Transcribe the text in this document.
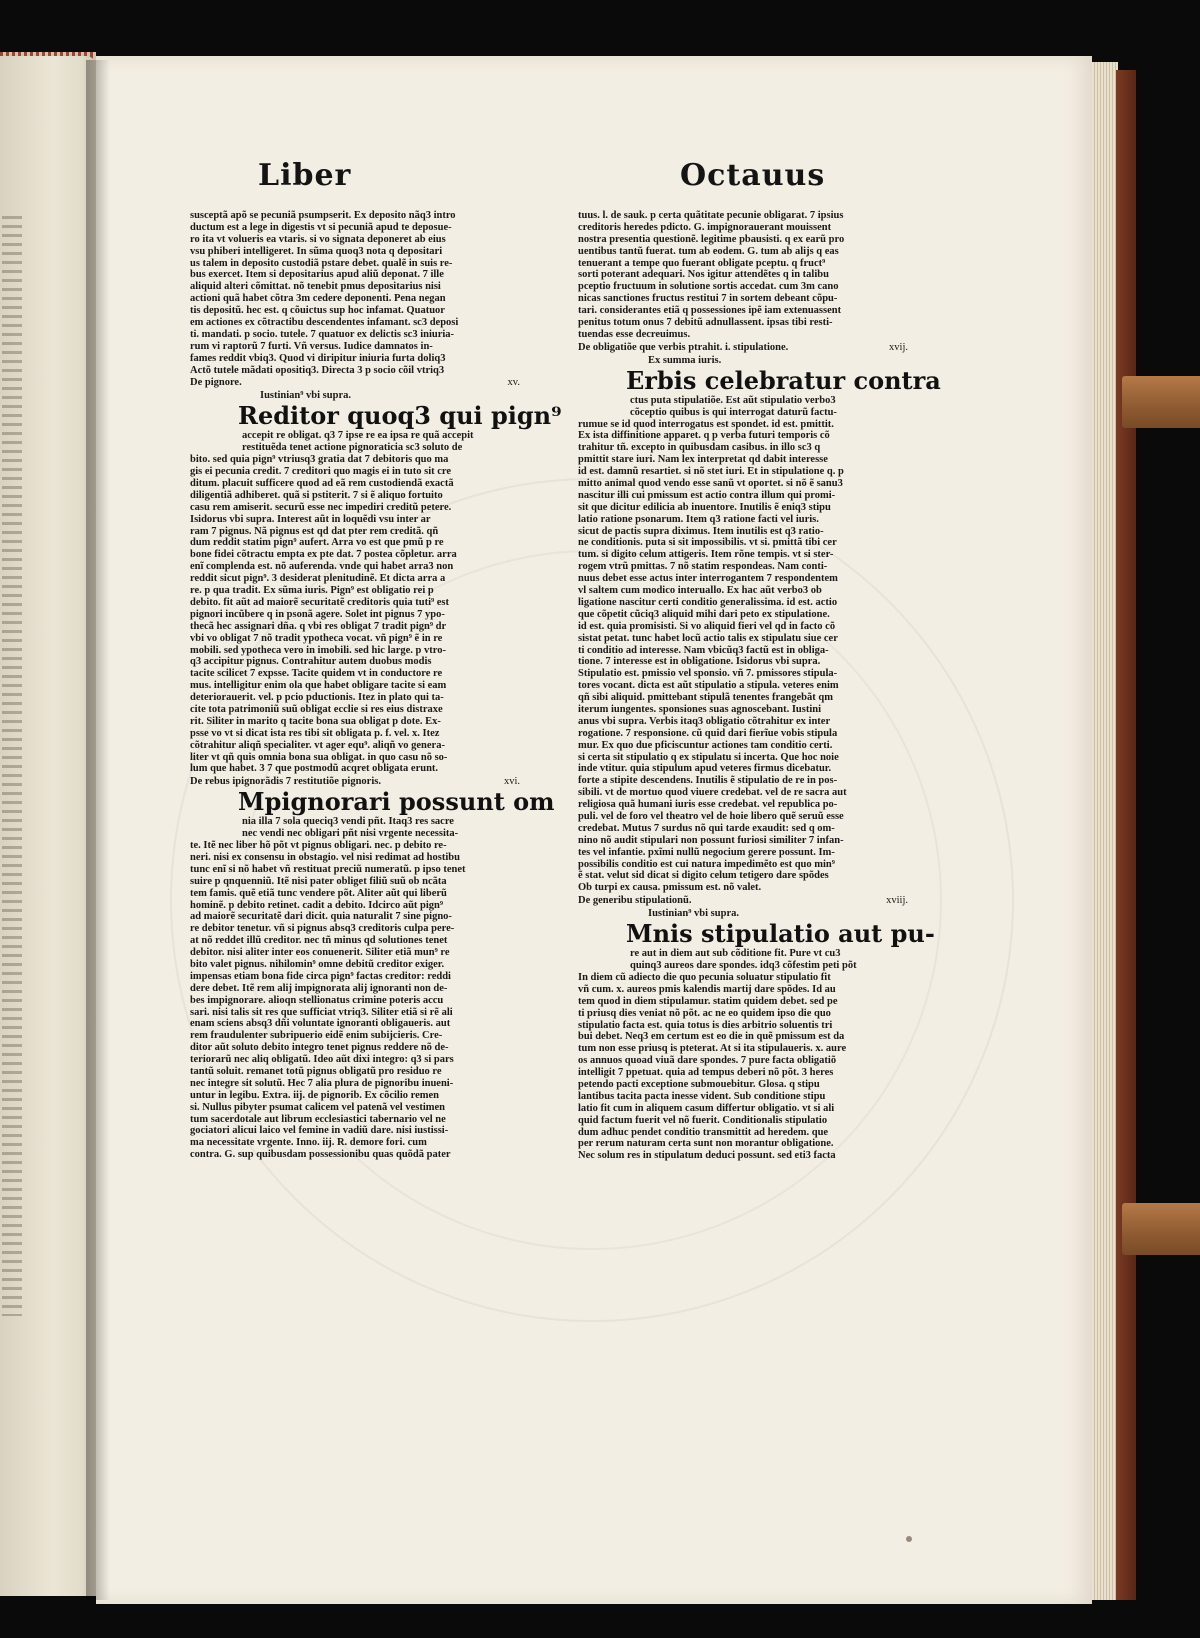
Liber	Octauus
susceptã apõ se pecuniã psumpserit. Ex deposito nãq3 intro
ductum est a lege in digestis vt si pecuniã apud te deposue-
ro ita vt volueris ea vtaris. si vo signata deponeret ab eius
vsu phiberi intelligeret. In sũma quoq3 nota q depositari
us talem in deposito custodiã pstare debet. qualẽ in suis re-
bus exercet. Item si depositarius apud aliũ deponat. 7 ille
aliquid alteri cõmittat. nõ tenebit pmus depositarius nisi
actioni quã habet cõtra 3m cedere deponenti. Pena negan
tis depositũ. hec est. q cõuictus sup hoc infamat. Quatuor
em actiones ex cõtractibu descendentes infamant. sc3 deposi
ti. mandati. p socio. tutele. 7 quatuor ex delictis sc3 iniuria-
rum vi raptorũ 7 furti. Vñ versus. Iudice damnatos in-
fames reddit vbiq3. Quod vi diripitur iniuria furta doliq3
Actõ tutele mãdati opositiq3. Directa 3 p socio cõil vtriq3
De pignore.	xv.
Iustinian⁹ vbi supra.
Reditor quoq3 qui pign⁹
accepit re obligat. q3 7 ipse re ea ipsa re quã accepit
restituẽda tenet actione pignoraticia sc3 soluto de
bito. sed quia pign⁹ vtriusq3 gratia dat 7 debitoris quo ma
gis ei pecunia credit. 7 creditori quo magis ei in tuto sit cre
ditum. placuit sufficere quod ad eã rem custodiendã exactã
diligentiã adhiberet. quã si pstiterit. 7 si ẽ aliquo fortuito
casu rem amiserit. securũ esse nec impediri creditũ petere.
Isidorus vbi supra. Interest aũt in loquẽdi vsu inter ar
ram 7 pignus. Nã pignus est qd dat pter rem creditã. qñ
dum reddit statim pign⁹ aufert. Arra vo est que pmũ p re
bone fidei cõtractu empta ex pte dat. 7 postea cõpletur. arra
enĩ complenda est. nõ auferenda. vnde qui habet arra3 non
reddit sicut pign⁹. 3 desiderat plenitudinẽ. Et dicta arra a
re. p qua tradit. Ex sũma iuris. Pign⁹ est obligatio rei p
debito. fit aũt ad maiorẽ securitatẽ creditoris quia tuti⁹ est
pignori incũbere q in psonã agere. Solet int pignus 7 ypo-
thecã hec assignari dña. q vbi res obligat 7 tradit pign⁹ dr
vbi vo obligat 7 nõ tradit ypotheca vocat. vñ pign⁹ ẽ in re
mobili. sed ypotheca vero in imobili. sed hic large. p vtro-
q3 accipitur pignus. Contrahitur autem duobus modis
tacite scilicet 7 expsse. Tacite quidem vt in conductore re
mus. intelligitur enim ola que habet obligare tacite si eam
deteriorauerit. vel. p pcio pductionis. Itez in plato qui ta-
cite tota patrimoniũ suũ obligat ecclie si res eius distraxe
rit. Siliter in marito q tacite bona sua obligat p dote. Ex-
psse vo vt si dicat ista res tibi sit obligata p. f. vel. x. Itez
cõtrahitur aliqñ specialiter. vt ager equ⁹. aliqñ vo genera-
liter vt qñ quis omnia bona sua obligat. in quo casu nõ so-
lum que habet. 3 7 que postmodũ acqret obligata erunt.
De rebus ipignorãdis 7 restitutiõe pignoris.	xvi.
Mpignorari possunt om
nia illa 7 sola queciq3 vendi pñt. Itaq3 res sacre
nec vendi nec obligari pñt nisi vrgente necessita-
te. Itẽ nec liber hõ põt vt pignus obligari. nec. p debito re-
neri. nisi ex consensu in obstagio. vel nisi redimat ad hostibu
tunc enĩ si nõ habet vñ restituat preciũ numeratũ. p ipso tenet
suire p qnquenniũ. Itẽ nisi pater obliget filiũ suũ ob ncãta
tem famis. quẽ etiã tunc vendere põt. Aliter aũt qui liberũ
hominẽ. p debito retinet. cadit a debito. Idcirco aũt pign⁹
ad maiorẽ securitatẽ dari dicit. quia naturalit 7 sine pigno-
re debitor tenetur. vñ si pignus absq3 creditoris culpa pere-
at nõ reddet illũ creditor. nec tñ minus qd solutiones tenet
debitor. nisi aliter inter eos conuenerit. Siliter etiã mun⁹ re
bito valet pignus. nihilomin⁹ omne debitũ creditor exiger.
impensas etiam bona fide circa pign⁹ factas creditor: reddi
dere debet. Itẽ rem alij impignorata alij ignoranti non de-
bes impignorare. alioqn stellionatus crimine poteris accu
sari. nisi talis sit res que sufficiat vtriq3. Siliter etiã si rẽ ali
enam sciens absq3 dñi voluntate ignoranti obligaueris. aut
rem fraudulenter subripuerio eidẽ enim subijcieris. Cre-
ditor aũt soluto debito integro tenet pignus reddere nõ de-
teriorarũ nec aliq obligatũ. Ideo aũt dixi integro: q3 si pars
tantũ soluit. remanet totũ pignus obligatũ pro residuo re
nec integre sit solutũ. Hec 7 alia plura de pignoribu inueni-
untur in legibu. Extra. iij. de pignorib. Ex cõcilio remen
si. Nullus pibyter psumat calicem vel patenã vel vestimen
tum sacerdotale aut librum ecclesiastici tabernario vel ne
gociatori alicui laico vel femine in vadiũ dare. nisi iustissi-
ma necessitate vrgente. Inno. iij. R. demore fori. cum
contra. G. sup quibusdam possessionibu quas quõdã pater
tuus. l. de sauk. p certa quãtitate pecunie obligarat. 7 ipsius
creditoris heredes pdicto. G. impignorauerant mouissent
nostra presentia questionẽ. legitime pbausisti. q ex earũ pro
uentibus tantũ fuerat. tum ab eodem. G. tum ab alijs q eas
tenuerant a tempe quo fuerant obligate pceptu. q fruct⁹
sorti poterant adequari. Nos igitur attendẽtes q in talibu
pceptio fructuum in solutione sortis accedat. cum 3m cano
nicas sanctiones fructus restitui 7 in sortem debeant cõpu-
tari. considerantes etiã q possessiones ipẽ iam extenuassent
penitus totum onus 7 debitũ adnullassent. ipsas tibi resti-
tuendas esse decreuimus.
De obligatiõe que verbis ptrahit. i. stipulatione.	xvij.
Ex summa iuris.
Erbis celebratur contra
ctus puta stipulatiõe. Est aũt stipulatio verbo3
cõceptio quibus is qui interrogat daturũ factu-
rumue se id quod interrogatus est spondet. id est. pmittit.
Ex ista diffinitione apparet. q p verba futuri temporis cõ
trahitur tñ. excepto in quibusdam casibus. in illo sc3 q
pmittit stare iuri. Nam lex interpretat qd dabit interesse
id est. damnũ resartiet. si nõ stet iuri. Et in stipulatione q. p
mitto animal quod vendo esse sanũ vt oportet. si nõ ẽ sanu3
nascitur illi cui pmissum est actio contra illum qui promi-
sit que dicitur edilicia ab inuentore. Inutilis ẽ eniq3 stipu
latio ratione psonarum. Item q3 ratione facti vel iuris.
sicut de pactis supra diximus. Item inutilis est q3 ratio-
ne conditionis. puta si sit impossibilis. vt si. pmittã tibi cer
tum. si digito celum attigeris. Item rõne tempis. vt si ster-
rogem vtrũ pmittas. 7 nõ statim respondeas. Nam conti-
nuus debet esse actus inter interrogantem 7 respondentem
vl saltem cum modico interuallo. Ex hac aũt verbo3 ob
ligatione nascitur certi conditio generalissima. id est. actio
que cõpetit cũciq3 aliquid mihi dari peto ex stipulatione.
id est. quia promisisti. Si vo aliquid fieri vel qd in facto cõ
sistat petat. tunc habet locũ actio talis ex stipulatu siue cer
ti conditio ad interesse. Nam vbicũq3 factũ est in obliga-
tione. 7 interesse est in obligatione. Isidorus vbi supra.
Stipulatio est. pmissio vel sponsio. vñ 7. pmissores stipula-
tores vocant. dicta est aũt stipulatio a stipula. veteres enim
qñ sibi aliquid. pmittebant stipulã tenentes frangebãt qm
iterum iungentes. sponsiones suas agnoscebant. Iustini
anus vbi supra. Verbis itaq3 obligatio cõtrahitur ex inter
rogatione. 7 responsione. cũ quid dari fierĩue vobis stipula
mur. Ex quo due pficiscuntur actiones tam conditio certi.
si certa sit stipulatio q ex stipulatu si incerta. Que hoc noie
inde vtitur. quia stipulum apud veteres firmus dicebatur.
forte a stipite descendens. Inutilis ẽ stipulatio de re in pos-
sibili. vt de mortuo quod viuere credebat. vel de re sacra aut
religiosa quã humani iuris esse credebat. vel republica po-
puli. vel de foro vel theatro vel de hoie libero quẽ seruũ esse
credebat. Mutus 7 surdus nõ qui tarde exaudit: sed q om-
nino nõ audit stipulari non possunt furiosi similiter 7 infan-
tes vel infantie. pxĩmi nullũ negocium gerere possunt. Im-
possibilis conditio est cui natura impedimẽto est quo min⁹
ẽ stat. velut sid dicat si digito celum tetigero dare spõdes
Ob turpi ex causa. pmissum est. nõ valet.
De generibu stipulationũ.	xviij.
Iustinian⁹ vbi supra.
Mnis stipulatio aut pu-
re aut in diem aut sub cõditione fit. Pure vt cu3
quinq3 aureos dare spondes. idq3 cõfestim peti põt
In diem cũ adiecto die quo pecunia soluatur stipulatio fit
vñ cum. x. aureos pmis kalendis martij dare spõdes. Id au
tem quod in diem stipulamur. statim quidem debet. sed pe
ti priusq dies veniat nõ põt. ac ne eo quidem ipso die quo
stipulatio facta est. quia totus is dies arbitrio soluentis tri
bui debet. Neq3 em certum est eo die in quẽ pmissum est da
tum non esse priusq is pteterat. At si ita stipulaueris. x. aure
os annuos quoad viuã dare spondes. 7 pure facta obligatiõ
intelligit 7 ppetuat. quia ad tempus deberi nõ põt. 3 heres
petendo pacti exceptione submouebitur. Glosa. q stipu
lantibus tacita pacta inesse vident. Sub conditione stipu
latio fit cum in aliquem casum differtur obligatio. vt si ali
quid factum fuerit vel nõ fuerit. Conditionalis stipulatio
dum adhuc pendet conditio transmittit ad heredem. que
per rerum naturam certa sunt non morantur obligatione.
Nec solum res in stipulatum deduci possunt. sed eti3 facta
